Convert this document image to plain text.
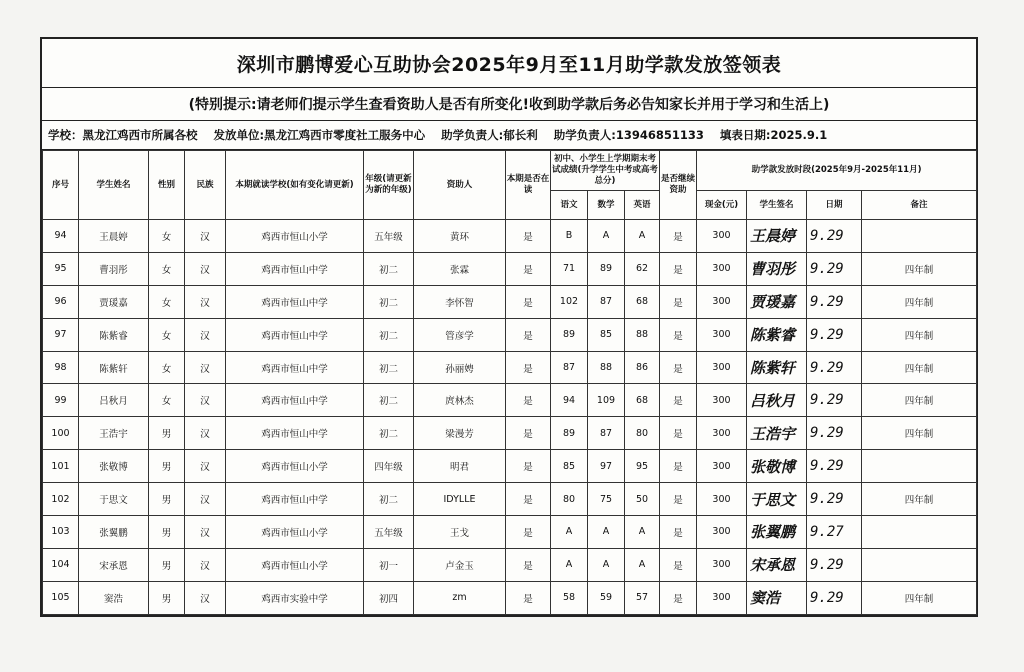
深圳市鹏博爱心互助协会2025年9月至11月助学款发放签领表
(特别提示:请老师们提示学生查看资助人是否有所变化!收到助学款后务必告知家长并用于学习和生活上)
学校：黑龙江鸡西市所属各校 发放单位:黑龙江鸡西市零度社工服务中心 助学负责人:郁长利 助学负责人:13946851133 填表日期:2025.9.1
序号	学生姓名	性别	民族	本期就读学校(如有变化请更新)	年级(请更新为新的年级)	资助人	本期是否在读	初中、小学生上学期期末考试成绩(升学学生中考或高考总分)			是否继续资助	助学款发放时段(2025年9月-2025年11月)			
								语文	数学	英语		现金(元)	学生签名	日期	备注
94	王晨婷	女	汉	鸡西市恒山小学	五年级	黄环	是	B	A	A	是	300	王晨婷	9.29	
95	曹羽彤	女	汉	鸡西市恒山中学	初二	张霖	是	71	89	62	是	300	曹羽彤	9.29	四年制
96	贾瑗嘉	女	汉	鸡西市恒山中学	初二	李怀智	是	102	87	68	是	300	贾瑗嘉	9.29	四年制
97	陈紫睿	女	汉	鸡西市恒山中学	初二	管彦学	是	89	85	88	是	300	陈紫睿	9.29	四年制
98	陈紫轩	女	汉	鸡西市恒山中学	初二	孙丽娉	是	87	88	86	是	300	陈紫轩	9.29	四年制
99	吕秋月	女	汉	鸡西市恒山中学	初二	庹林杰	是	94	109	68	是	300	吕秋月	9.29	四年制
100	王浩宇	男	汉	鸡西市恒山中学	初二	梁漫芳	是	89	87	80	是	300	王浩宇	9.29	四年制
101	张敬博	男	汉	鸡西市恒山小学	四年级	明君	是	85	97	95	是	300	张敬博	9.29	
102	于思文	男	汉	鸡西市恒山中学	初二	IDYLLE	是	80	75	50	是	300	于思文	9.29	四年制
103	张翼鹏	男	汉	鸡西市恒山小学	五年级	王戈	是	A	A	A	是	300	张翼鹏	9.27	
104	宋承恩	男	汉	鸡西市恒山小学	初一	卢金玉	是	A	A	A	是	300	宋承恩	9.29	
105	窦浩	男	汉	鸡西市实验中学	初四	zm	是	58	59	57	是	300	窦浩	9.29	四年制
